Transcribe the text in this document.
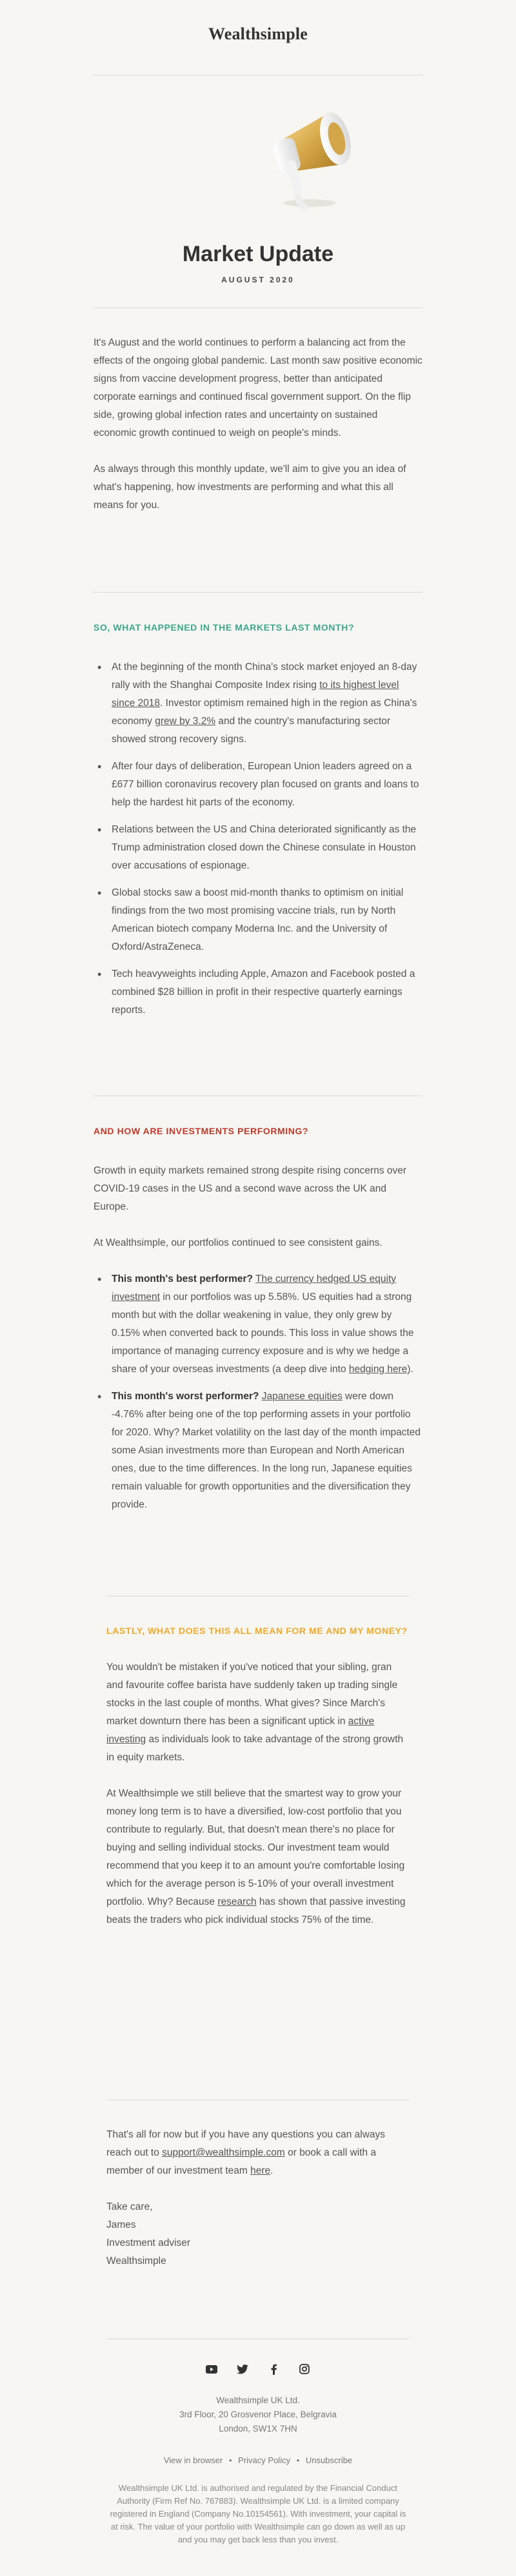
Wealthsimple
Market Update
AUGUST 2020

It's August and the world continues to perform a balancing act from the effects of the ongoing global pandemic. Last month saw positive economic signs from vaccine development progress, better than anticipated corporate earnings and continued fiscal government support. On the flip side, growing global infection rates and uncertainty on sustained economic growth continued to weigh on people's minds.

As always through this monthly update, we'll aim to give you an idea of what's happening, how investments are performing and what this all means for you.

SO, WHAT HAPPENED IN THE MARKETS LAST MONTH?
• At the beginning of the month China's stock market enjoyed an 8-day rally with the Shanghai Composite Index rising to its highest level since 2018. Investor optimism remained high in the region as China's economy grew by 3.2% and the country's manufacturing sector showed strong recovery signs.
• After four days of deliberation, European Union leaders agreed on a £677 billion coronavirus recovery plan focused on grants and loans to help the hardest hit parts of the economy.
• Relations between the US and China deteriorated significantly as the Trump administration closed down the Chinese consulate in Houston over accusations of espionage.
• Global stocks saw a boost mid-month thanks to optimism on initial findings from the two most promising vaccine trials, run by North American biotech company Moderna Inc. and the University of Oxford/AstraZeneca.
• Tech heavyweights including Apple, Amazon and Facebook posted a combined $28 billion in profit in their respective quarterly earnings reports.
AND HOW ARE INVESTMENTS PERFORMING?

Growth in equity markets remained strong despite rising concerns over COVID-19 cases in the US and a second wave across the UK and Europe.

At Wealthsimple, our portfolios continued to see consistent gains.

• This month's best performer? The currency hedged US equity investment in our portfolios was up 5.58%. US equities had a strong month but with the dollar weakening in value, they only grew by 0.15% when converted back to pounds. This loss in value shows the importance of managing currency exposure and is why we hedge a share of your overseas investments (a deep dive into hedging here).
• This month's worst performer? Japanese equities were down -4.76% after being one of the top performing assets in your portfolio for 2020. Why? Market volatility on the last day of the month impacted some Asian investments more than European and North American ones, due to the time differences. In the long run, Japanese equities remain valuable for growth opportunities and the diversification they provide.
LASTLY, WHAT DOES THIS ALL MEAN FOR ME AND MY MONEY?

You wouldn't be mistaken if you've noticed that your sibling, gran and favourite coffee barista have suddenly taken up trading single stocks in the last couple of months. What gives? Since March's market downturn there has been a significant uptick in active investing as individuals look to take advantage of the strong growth in equity markets.

At Wealthsimple we still believe that the smartest way to grow your money long term is to have a diversified, low-cost portfolio that you contribute to regularly. But, that doesn't mean there's no place for buying and selling individual stocks. Our investment team would recommend that you keep it to an amount you're comfortable losing which for the average person is 5-10% of your overall investment portfolio. Why? Because research has shown that passive investing beats the traders who pick individual stocks 75% of the time.

That's all for now but if you have any questions you can always reach out to support@wealthsimple.com or book a call with a member of our investment team here.

Take care,
James
Investment adviser
Wealthsimple
Wealthsimple UK Ltd.
3rd Floor, 20 Grosvenor Place, Belgravia
London, SW1X 7HN
View in browser • Privacy Policy • Unsubscribe
Wealthsimple UK Ltd. is authorised and regulated by the Financial Conduct Authority (Firm Ref No. 767883). Wealthsimple UK Ltd. is a limited company registered in England (Company No.10154561). With investment, your capital is at risk. The value of your portfolio with Wealthsimple can go down as well as up and you may get back less than you invest.
